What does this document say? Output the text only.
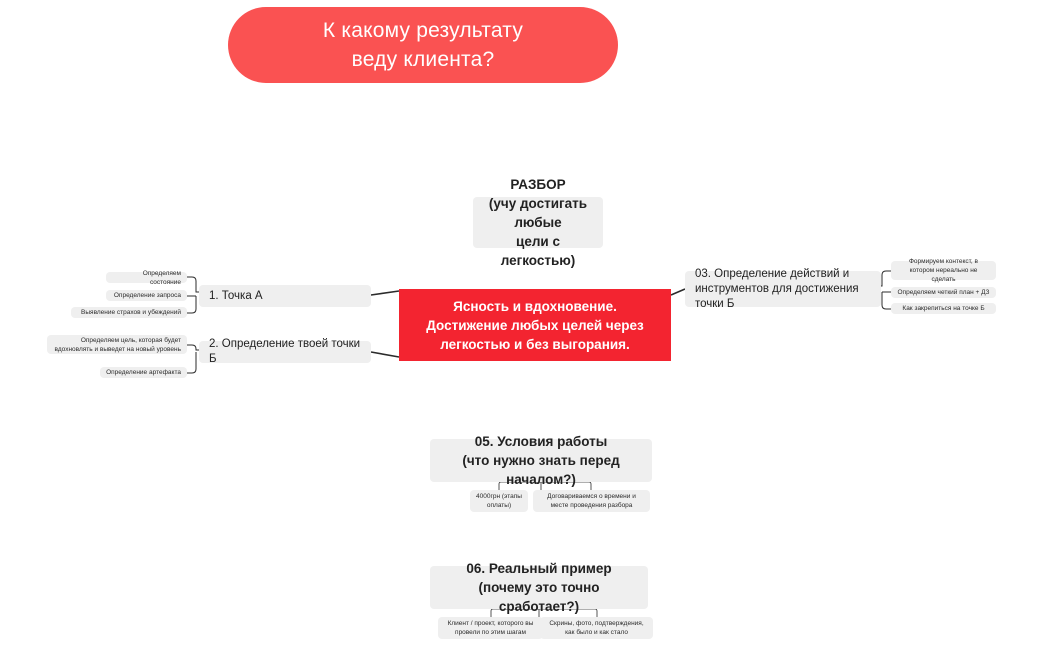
К какому результату
веду клиента?
РАЗБОР
(учу достигать любые
цели с легкостью)
Ясность и вдохновение.
Достижение любых целей через
легкостью и без выгорания.
1. Точка А
Определяем состояние
Определение запроса
Выявление страхов и убеждений
2. Определение твоей точки Б
Определяем цель, которая будет вдохновлять и выведет на новый уровень
Определение артефакта
03. Определение действий и
инструментов для достижения точки Б
Формируем контекст, в котором нереально не сделать
Определяем четкий план + ДЗ
Как закрепиться на точке Б
05. Условия работы
(что нужно знать перед началом?)
4000грн (этапы оплаты)
Договариваемся о времени и месте проведения разбора
06. Реальный пример
(почему это точно сработает?)
Клиент / проект, которого вы провели по этим шагам
Скрины, фото, подтверждения, как было и как стало
